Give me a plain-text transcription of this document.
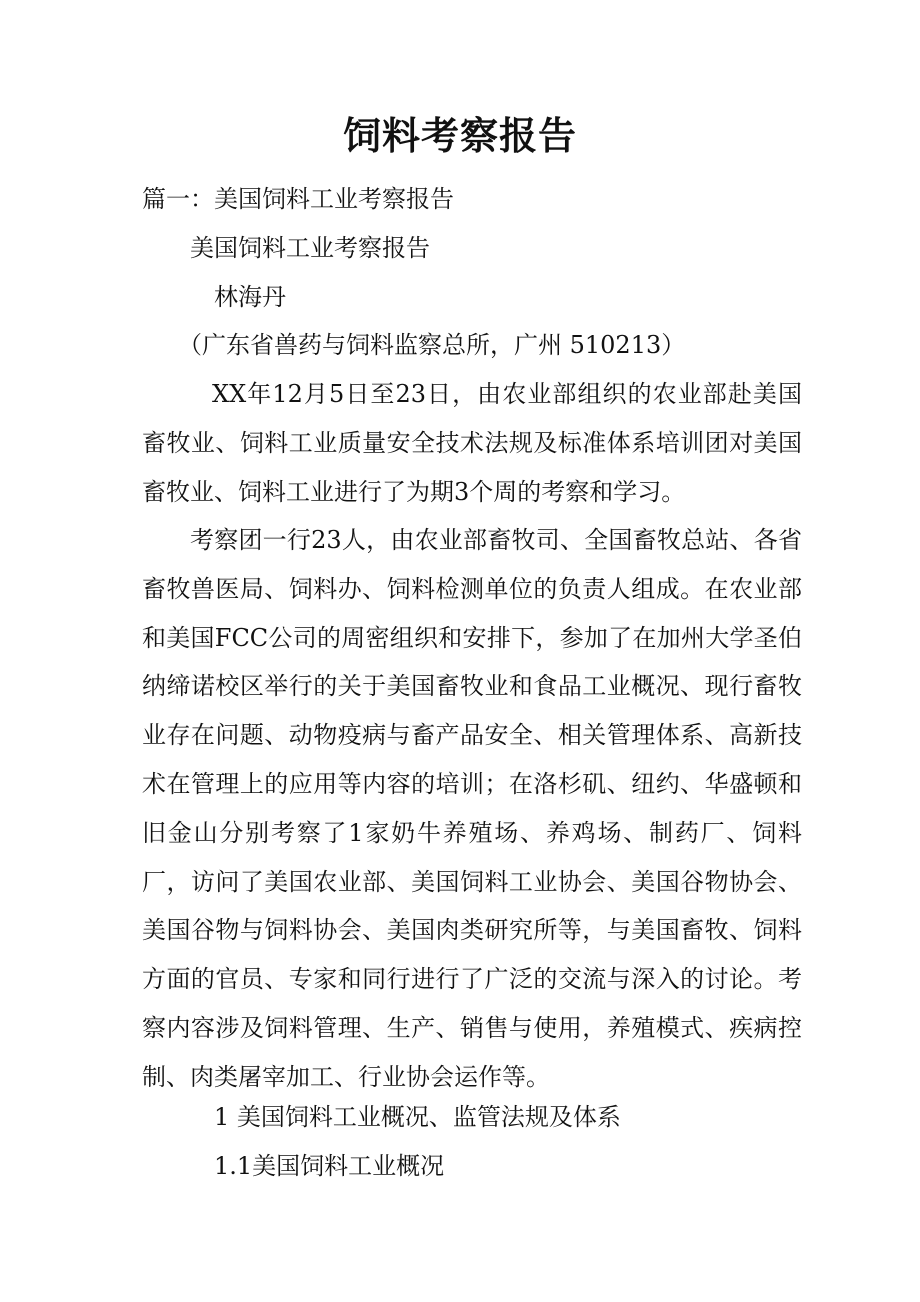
饲料考察报告
篇一：美国饲料工业考察报告
美国饲料工业考察报告
林海丹
（广东省兽药与饲料监察总所，广州 510213）

XX年12月5日至23日，由农业部组织的农业部赴美国畜牧业、饲料工业质量安全技术法规及标准体系培训团对美国畜牧业、饲料工业进行了为期3个周的考察和学习。

考察团一行23人，由农业部畜牧司、全国畜牧总站、各省畜牧兽医局、饲料办、饲料检测单位的负责人组成。在农业部和美国FCC公司的周密组织和安排下，参加了在加州大学圣伯纳缔诺校区举行的关于美国畜牧业和食品工业概况、现行畜牧业存在问题、动物疫病与畜产品安全、相关管理体系、高新技术在管理上的应用等内容的培训；在洛杉矶、纽约、华盛顿和旧金山分别考察了1家奶牛养殖场、养鸡场、制药厂、饲料厂，访问了美国农业部、美国饲料工业协会、美国谷物协会、美国谷物与饲料协会、美国肉类研究所等，与美国畜牧、饲料方面的官员、专家和同行进行了广泛的交流与深入的讨论。考察内容涉及饲料管理、生产、销售与使用，养殖模式、疾病控制、肉类屠宰加工、行业协会运作等。

1 美国饲料工业概况、监管法规及体系
1.1美国饲料工业概况
